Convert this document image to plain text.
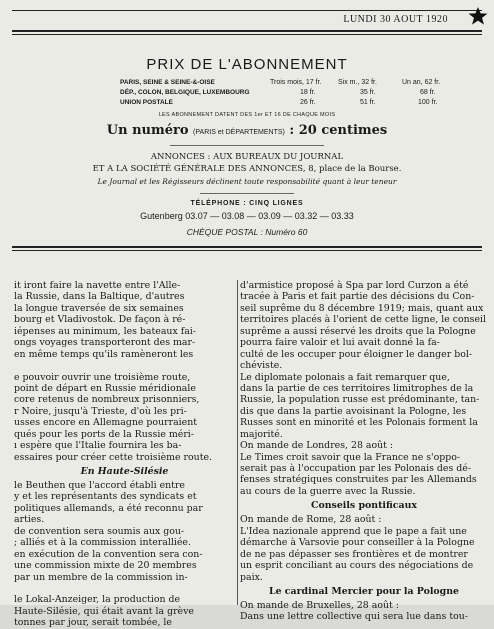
LUNDI 30 AOUT 1920
PRIX DE L'ABONNEMENT
PARIS, SEINE & SEINE-&-OISE	Trois mois, 17 fr. Six m., 32 fr.	Un an, 62 fr.
DÉP., COLON, BELGIQUE, LUXEMBOURG	18 fr.	35 fr.	68 fr.
UNION POSTALE	26 fr.	51 fr.	100 fr.
LES ABONNEMENT DATENT DES 1er ET 16 DE CHAQUE MOIS
Un numéro (PARIS et DÉPARTEMENTS) : 20 centimes
ANNONCES : AUX BUREAUX DU JOURNAL
ET A LA SOCIÉTÉ GÉNÉRALE DES ANNONCES, 8, place de la Bourse.
Le Journal et les Régisseurs déclinent toute responsabilité quant à leur teneur
TÉLÉPHONE : CINQ LIGNES
Gutenberg 03.07 — 03.08 — 03.09 — 03.32 — 03.33
CHÈQUE POSTAL : Numéro 60
it iront faire la navette entre l'Alle-
la Russie, dans la Baltique, d'autres
la longue traversée de six semaines
bourg et Vladivostok. De façon à ré-
iépenses au minimum, les bateaux fai-
ongs voyages transporteront des mar-
en même temps qu'ils ramèneront les
e pouvoir ouvrir une troisième route,
point de départ en Russie méridionale
core retenus de nombreux prisonniers,
r Noire, jusqu'à Trieste, d'où les pri-
usses encore en Allemagne pourraient
qués pour les ports de la Russie méri-
ı espère que l'Italie fournira les ba-
essaires pour créer cette troisième route.
En Haute-Silésie
le Beuthen que l'accord établi entre
y et les représentants des syndicats et
politiques allemands, a été reconnu par
arties.
de convention sera soumis aux gou-
; alliés et à la commission interalliée.
en exécution de la convention sera con-
une commission mixte de 20 membres
par un membre de la commission in-
le Lokal-Anzeiger, la production de
Haute-Silésie, qui était avant la grève
tonnes par jour, serait tombée, le
d'armistice proposé à Spa par lord Curzon a été
tracée à Paris et fait partie des décisions du Con-
seil suprême du 8 décembre 1919; mais, quant aux
territoires placés à l'orient de cette ligne, le conseil
suprême a aussi réservé les droits que la Pologne
pourra faire valoir et lui avait donné la fa-
culté de les occuper pour éloigner le danger bol-
chéviste.
Le diplomate polonais a fait remarquer que,
dans la partie de ces territoires limitrophes de la
Russie, la population russe est prédominante, tan-
dis que dans la partie avoisinant la Pologne, les
Russes sont en minorité et les Polonais forment la
majorité.
On mande de Londres, 28 août :
Le Times croit savoir que la France ne s'oppo-
serait pas à l'occupation par les Polonais des dé-
fenses stratégiques construites par les Allemands
au cours de la guerre avec la Russie.
Conseils pontificaux
On mande de Rome, 28 août :
L'Idea nazionale apprend que le pape a fait une
démarche à Varsovie pour conseiller à la Pologne
de ne pas dépasser ses frontières et de montrer
un esprit conciliant au cours des négociations de
paix.
Le cardinal Mercier pour la Pologne
On mande de Bruxelles, 28 août :
Dans une lettre collective qui sera lue dans tou-
